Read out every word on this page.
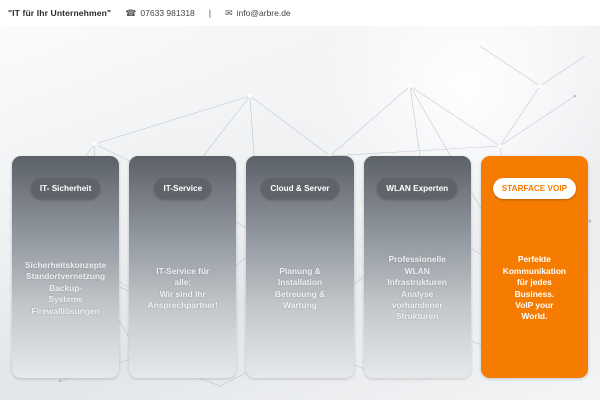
"IT für Ihr Unternehmen" ☎ 07633 981318 | ✉ info@arbre.de
IT- Sicherheit
Sicherheitskonzepte
Standortvernetzung
Backup-
Systeme
Firewalllösungen
IT-Service
IT-Service für
alle:
Wir sind Ihr
Ansprechpartner!
Cloud & Server
Planung &
Installation
Betreuung &
Wartung
WLAN Experten
Professionelle
WLAN
Infrastrukturen
Analyse
vorhandener
Strukturen
STARFACE VOIP
Perfekte
Kommunikation
für jedes
Business.
VoIP your
World.
